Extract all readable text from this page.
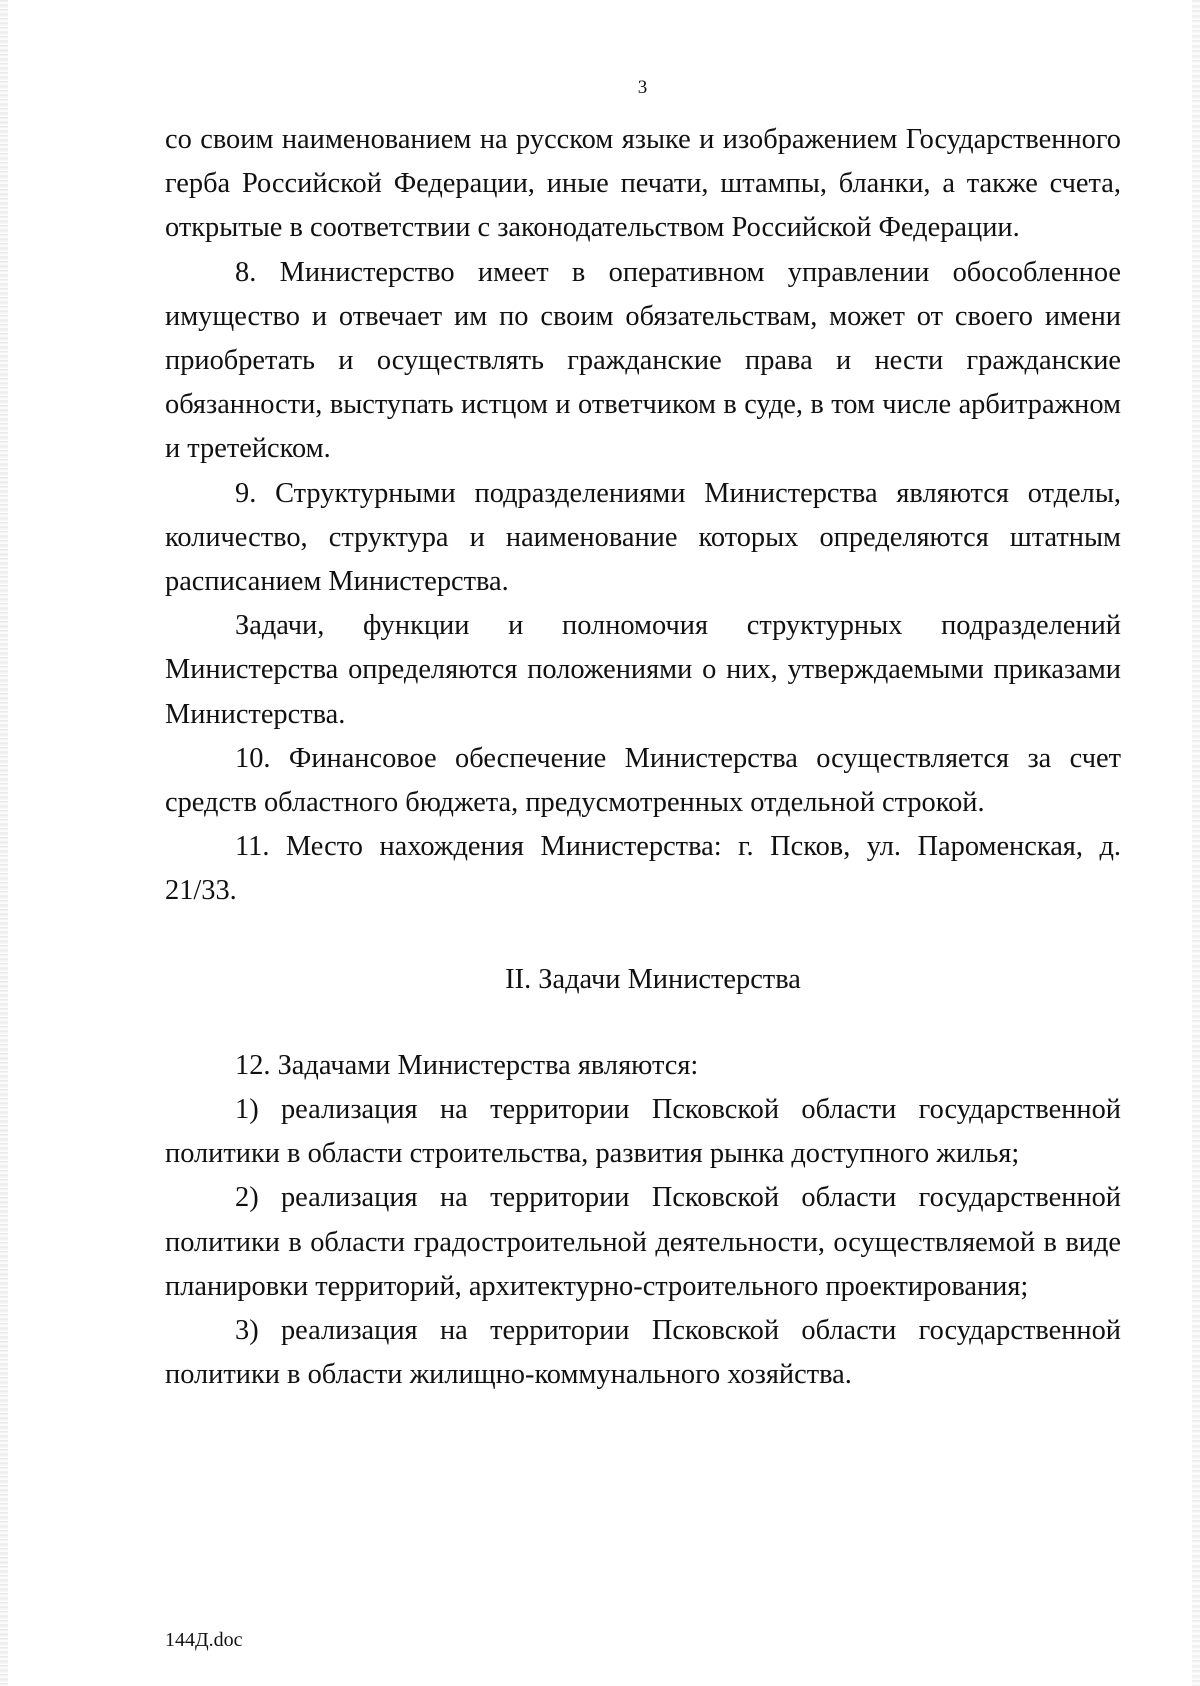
3

со своим наименованием на русском языке и изображением Государственного герба Российской Федерации, иные печати, штампы, бланки, а также счета, открытые в соответствии с законодательством Российской Федерации.

8. Министерство имеет в оперативном управлении обособленное имущество и отвечает им по своим обязательствам, может от своего имени приобретать и осуществлять гражданские права и нести гражданские обязанности, выступать истцом и ответчиком в суде, в том числе арбитражном и третейском.

9. Структурными подразделениями Министерства являются отделы, количество, структура и наименование которых определяются штатным расписанием Министерства.

Задачи, функции и полномочия структурных подразделений Министерства определяются положениями о них, утверждаемыми приказами Министерства.

10. Финансовое обеспечение Министерства осуществляется за счет средств областного бюджета, предусмотренных отдельной строкой.

11. Место нахождения Министерства: г. Псков, ул. Пароменская, д. 21/33.

II. Задачи Министерства

12. Задачами Министерства являются:

1) реализация на территории Псковской области государственной политики в области строительства, развития рынка доступного жилья;

2) реализация на территории Псковской области государственной политики в области градостроительной деятельности, осуществляемой в виде планировки территорий, архитектурно-строительного проектирования;

3) реализация на территории Псковской области государственной политики в области жилищно-коммунального хозяйства.

144Д.doc
